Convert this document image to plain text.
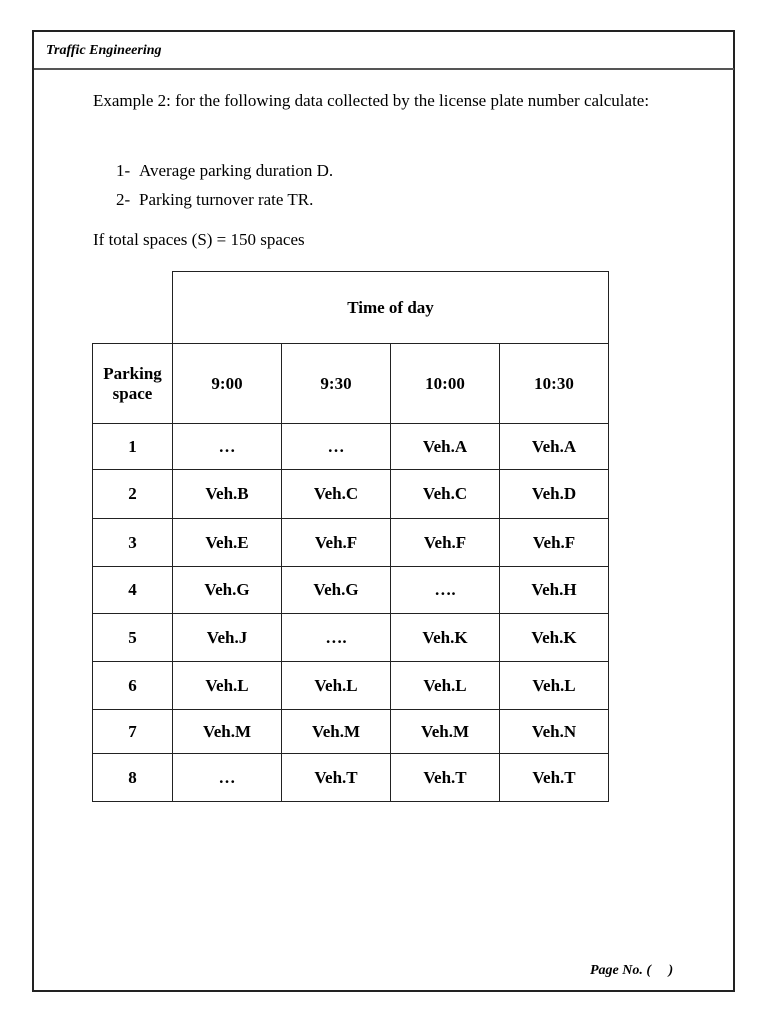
Traffic Engineering
Example 2: for the following data collected by the license plate number calculate:
1- Average parking duration D.
2- Parking turnover rate TR.
If total spaces (S) = 150 spaces
	Time of day			

Parking
space	9:00	9:30	10:00	10:30
1	…	…	Veh.A	Veh.A
2	Veh.B	Veh.C	Veh.C	Veh.D
3	Veh.E	Veh.F	Veh.F	Veh.F
4	Veh.G	Veh.G	….	Veh.H
5	Veh.J	….	Veh.K	Veh.K
6	Veh.L	Veh.L	Veh.L	Veh.L
7	Veh.M	Veh.M	Veh.M	Veh.N
8	…	Veh.T	Veh.T	Veh.T
Page No. (     )
